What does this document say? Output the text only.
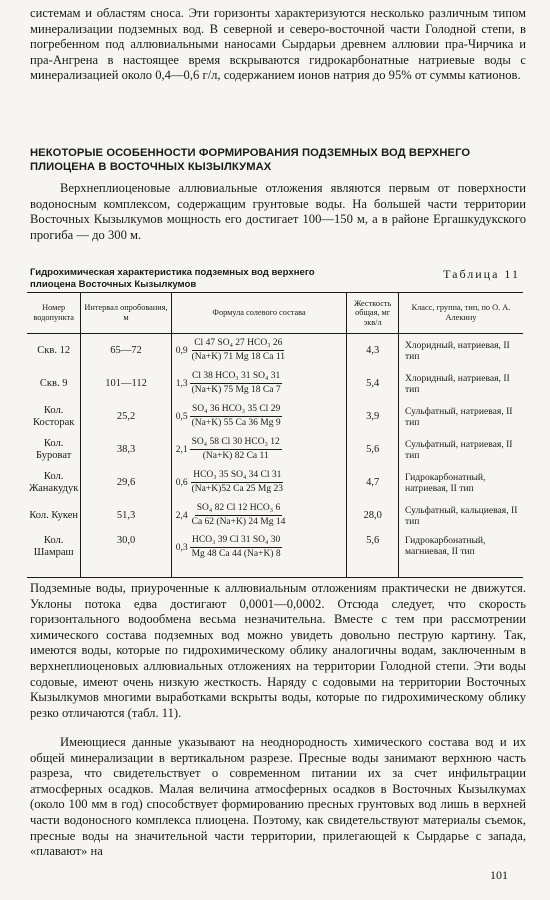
системам и областям сноса. Эти горизонты характеризуются несколько различным типом минерализации подземных вод. В северной и северо-восточной части Голодной степи, в погребенном под аллювиальными наносами Сырдарьи древнем аллювии пра-Чирчика и пра-Ангрена в настоящее время вскрываются гидрокарбонатные натриевые воды с минерализацией около 0,4—0,6 г/л, содержанием ионов натрия до 95% от суммы катионов.
НЕКОТОРЫЕ ОСОБЕННОСТИ ФОРМИРОВАНИЯ ПОДЗЕМНЫХ ВОД ВЕРХНЕГО ПЛИОЦЕНА В ВОСТОЧНЫХ КЫЗЫЛКУМАХ
Верхнеплиоценовые аллювиальные отложения являются первым от поверхности водоносным комплексом, содержащим грунтовые воды. На большей части территории Восточных Кызылкумов мощность его достигает 100—150 м, а в районе Ергашкудукского прогиба — до 300 м.
Таблица 11
Гидрохимическая характеристика подземных вод верхнего плиоцена Восточных Кызылкумов
Номер водопункта	Интервал опробования, м	Формула солевого состава	Жесткость общая, мг экв/л	Класс, группа, тип, по О. А. Алекину
Скв. 12	65—72	$0,9 \frac{\text{Cl 47 SO₄ 27 HCO₃ 26}}{(Na+K) 71 Mg 18 Ca 11}$	4,3	Хлоридный, натриевая, II тип
Скв. 9	101—112	$1,3 \frac{\text{Cl 38 HCO₃ 31 SO₄ 31}}{(Na+K) 75 Mg 18 Ca 7}$	5,4	Хлоридный, натриевая, II тип
Кол. Косторак	25,2	$0,5 \frac{\text{SO₄ 36 HCO₃ 35 Cl 29}}{(Na+K) 55 Ca 36 Mg 9}$	3,9	Сульфатный, натриевая, II тип
Кол. Буроват	38,3	$2,1 \frac{\text{SO₄ 58 Cl 30 HCO₃ 12}}{(Na+K) 82 Ca 11}$	5,6	Сульфатный, натриевая, II тип
Кол. Жанакудук	29,6	$0,6 \frac{\text{HCO₃ 35 SO₄ 34 Cl 31}}{(Na+K)52 Ca 25 Mg 23}$	4,7	Гидрокарбонатный, натриевая, II тип
Кол. Кукен	51,3	$2,4 \frac{\text{SO₄ 82 Cl 12 HCO₃ 6}}{Ca 62 (Na+K) 24 Mg 14}$	28,0	Сульфатный, кальциевая, II тип
Кол. Шамраш	30,0	$0,3 \frac{\text{HCO₃ 39 Cl 31 SO₄ 30}}{Mg 48 Ca 44 (Na+K) 8}$	5,6	Гидрокарбонатный, магниевая, II тип
Подземные воды, приуроченные к аллювиальным отложениям практически не движутся. Уклоны потока едва достигают 0,0001—0,0002. Отсюда следует, что скорость горизонтального водообмена весьма незначительна. Вместе с тем при рассмотрении химического состава подземных вод можно увидеть довольно пеструю картину. Так, имеются воды, которые по гидрохимическому облику аналогичны водам, заключенным в верхнеплиоценовых аллювиальных отложениях на территории Голодной степи. Эти воды содовые, имеют очень низкую жесткость. Наряду с содовыми на территории Восточных Кызылкумов многими выработками вскрыты воды, которые по гидрохимическому облику резко отличаются (табл. 11).
Имеющиеся данные указывают на неоднородность химического состава вод и их общей минерализации в вертикальном разрезе. Пресные воды занимают верхнюю часть разреза, что свидетельствует о современном питании их за счет инфильтрации атмосферных осадков. Малая величина атмосферных осадков в Восточных Кызылкумах (около 100 мм в год) способствует формированию пресных грунтовых вод лишь в верхней части водоносного комплекса плиоцена. Поэтому, как свидетельствуют материалы съемок, пресные воды на значительной части территории, прилегающей к Сырдарье с запада, «плавают» на
101
